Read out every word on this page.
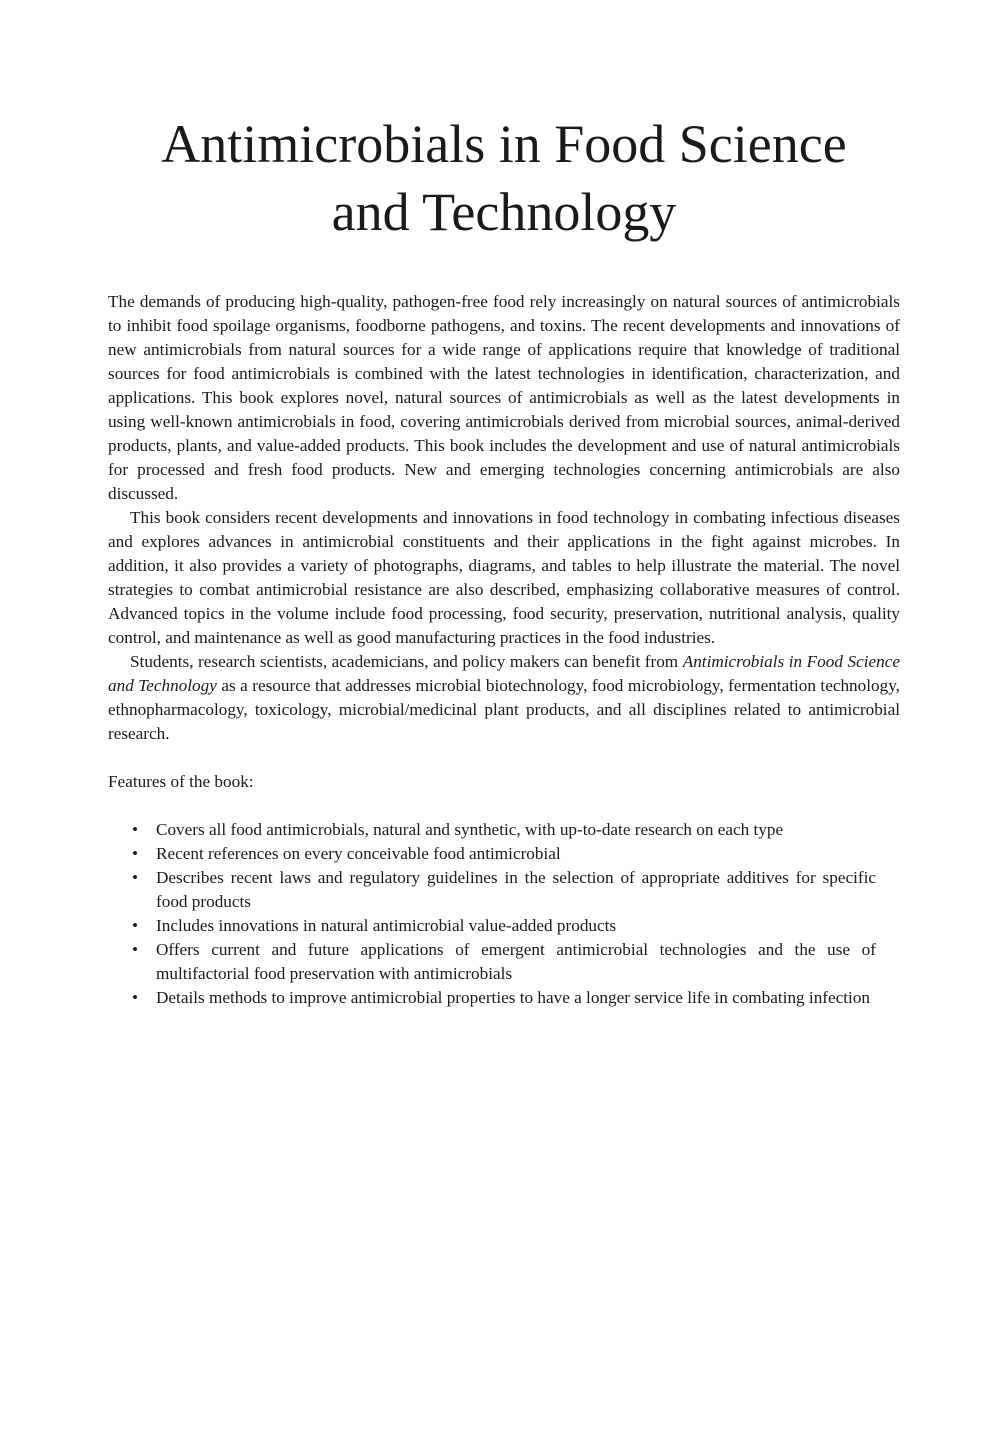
Antimicrobials in Food Science
and Technology

The demands of producing high-quality, pathogen-free food rely increasingly on natural sources of antimicrobials to inhibit food spoilage organisms, foodborne pathogens, and toxins. The recent developments and innovations of new antimicrobials from natural sources for a wide range of applications require that knowledge of traditional sources for food antimicrobials is combined with the latest technologies in identification, characterization, and applications. This book explores novel, natural sources of antimicrobials as well as the latest developments in using well-known antimicrobials in food, covering antimicrobials derived from microbial sources, animal-derived products, plants, and value-added products. This book includes the development and use of natural antimicrobials for processed and fresh food products. New and emerging technologies concerning antimicrobials are also discussed.

This book considers recent developments and innovations in food technology in combating infectious diseases and explores advances in antimicrobial constituents and their applications in the fight against microbes. In addition, it also provides a variety of photographs, diagrams, and tables to help illustrate the material. The novel strategies to combat antimicrobial resistance are also described, emphasizing collaborative measures of control. Advanced topics in the volume include food processing, food security, preservation, nutritional analysis, quality control, and maintenance as well as good manufacturing practices in the food industries.

Students, research scientists, academicians, and policy makers can benefit from Antimicrobials in Food Science and Technology as a resource that addresses microbial biotechnology, food microbiology, fermentation technology, ethnopharmacology, toxicology, microbial/medicinal plant products, and all disciplines related to antimicrobial research.

Features of the book:

• Covers all food antimicrobials, natural and synthetic, with up-to-date research on each type
• Recent references on every conceivable food antimicrobial
• Describes recent laws and regulatory guidelines in the selection of appropriate additives for specific food products
• Includes innovations in natural antimicrobial value-added products
• Offers current and future applications of emergent antimicrobial technologies and the use of multifactorial food preservation with antimicrobials
• Details methods to improve antimicrobial properties to have a longer service life in combating infection
